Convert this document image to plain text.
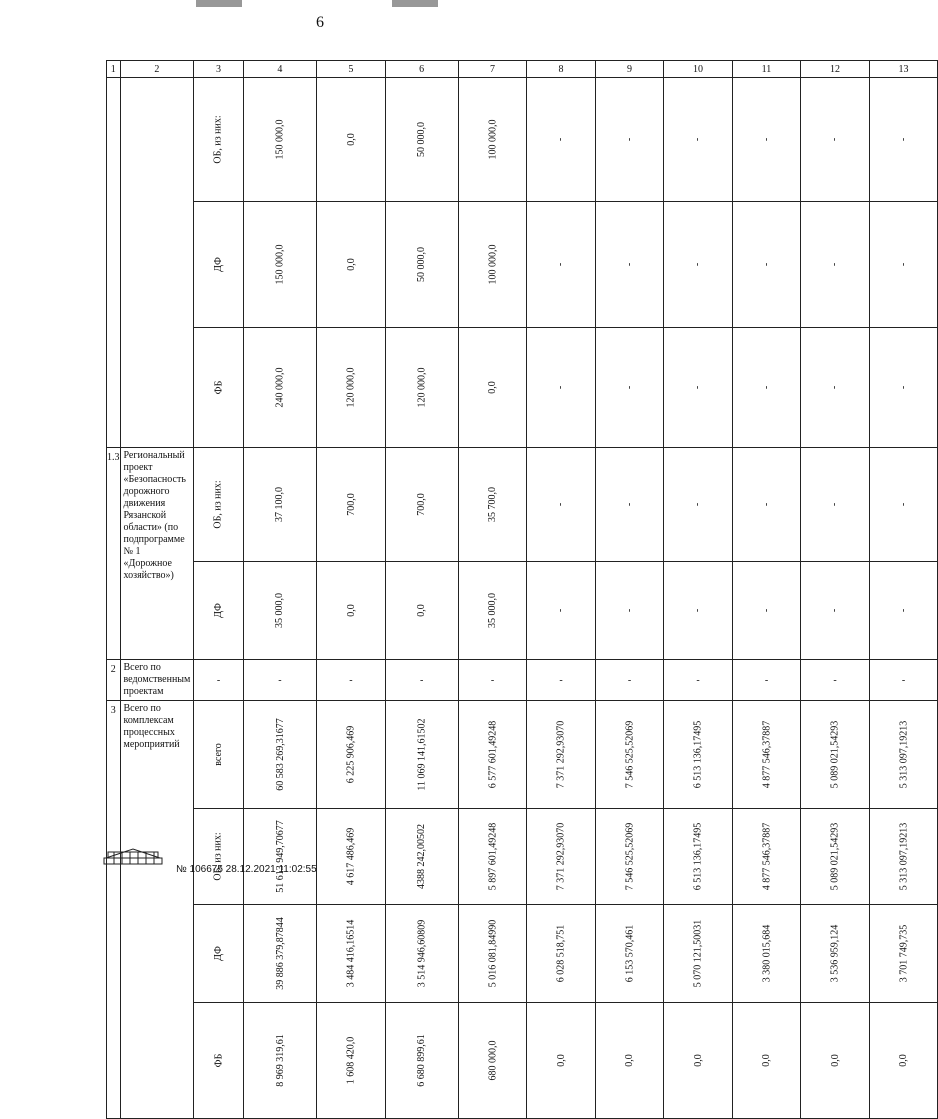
6
1	2	3	4	5	6	7	8	9	10	11	12	13
		ОБ, из них:	150 000,0	0,0	50 000,0	100 000,0	-	-	-	-	-	-
		ДФ	150 000,0	0,0	50 000,0	100 000,0	-	-	-	-	-	-
		ФБ	240 000,0	120 000,0	120 000,0	0,0	-	-	-	-	-	-
1.3	Региональный проект «Безопасность дорожного движения Рязанской области» (по подпрограмме № 1 «Дорожное хозяйство»)	ОБ, из них:	37 100,0	700,0	700,0	35 700,0	-	-	-	-	-	-
		ДФ	35 000,0	0,0	0,0	35 000,0	-	-	-	-	-	-
2	Всего по ведомственным проектам	-	-	-	-	-	-	-	-	-	-	-
3	Всего по комплексам процессных мероприятий	всего	60 583 269,31677	6 225 906,469	11 069 141,61502	6 577 601,49248	7 371 292,93070	7 546 525,52069	6 513 136,17495	4 877 546,37887	5 089 021,54293	5 313 097,19213
		ОБ, из них:	51 613 949,70677	4 617 486,469	4388 242,00502	5 897 601,49248	7 371 292,93070	7 546 525,52069	6 513 136,17495	4 877 546,37887	5 089 021,54293	5 313 097,19213
		ДФ	39 886 379,87844	3 484 416,16514	3 514 946,60809	5 016 081,84990	6 028 518,751	6 153 570,461	5 070 121,50031	3 380 015,684	3 536 959,124	3 701 749,735
		ФБ	8 969 319,61	1 608 420,0	6 680 899,61	680 000,0	0,0	0,0	0,0	0,0	0,0	0,0
№ 106675 28.12.2021 11:02:55
